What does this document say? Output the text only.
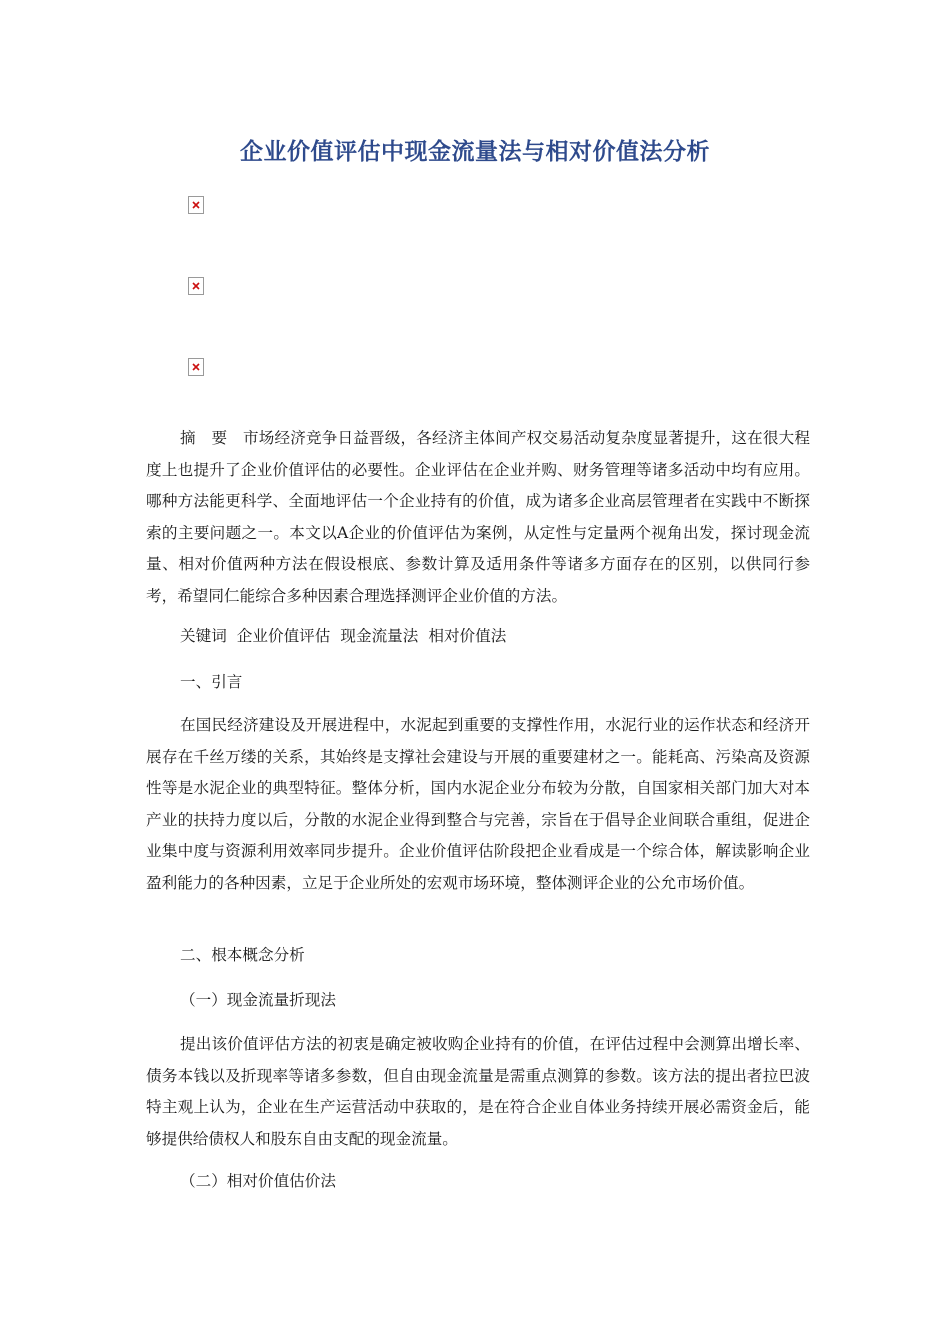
企业价值评估中现金流量法与相对价值法分析

摘　要　市场经济竞争日益晋级，各经济主体间产权交易活动复杂度显著提升，这在很大程度上也提升了企业价值评估的必要性。企业评估在企业并购、财务管理等诸多活动中均有应用。哪种方法能更科学、全面地评估一个企业持有的价值，成为诸多企业高层管理者在实践中不断探索的主要问题之一。本文以A企业的价值评估为案例，从定性与定量两个视角出发，探讨现金流量、相对价值两种方法在假设根底、参数计算及适用条件等诸多方面存在的区别，以供同行参考，希望同仁能综合多种因素合理选择测评企业价值的方法。

关键词 企业价值评估 现金流量法 相对价值法

一、引言

在国民经济建设及开展进程中，水泥起到重要的支撑性作用，水泥行业的运作状态和经济开展存在千丝万缕的关系，其始终是支撑社会建设与开展的重要建材之一。能耗高、污染高及资源性等是水泥企业的典型特征。整体分析，国内水泥企业分布较为分散，自国家相关部门加大对本产业的扶持力度以后，分散的水泥企业得到整合与完善，宗旨在于倡导企业间联合重组，促进企业集中度与资源利用效率同步提升。企业价值评估阶段把企业看成是一个综合体，解读影响企业盈利能力的各种因素，立足于企业所处的宏观市场环境，整体测评企业的公允市场价值。

二、根本概念分析

（一）现金流量折现法

提出该价值评估方法的初衷是确定被收购企业持有的价值，在评估过程中会测算出增长率、债务本钱以及折现率等诸多参数，但自由现金流量是需重点测算的参数。该方法的提出者拉巴波特主观上认为，企业在生产运营活动中获取的，是在符合企业自体业务持续开展必需资金后，能够提供给债权人和股东自由支配的现金流量。

（二）相对价值估价法
